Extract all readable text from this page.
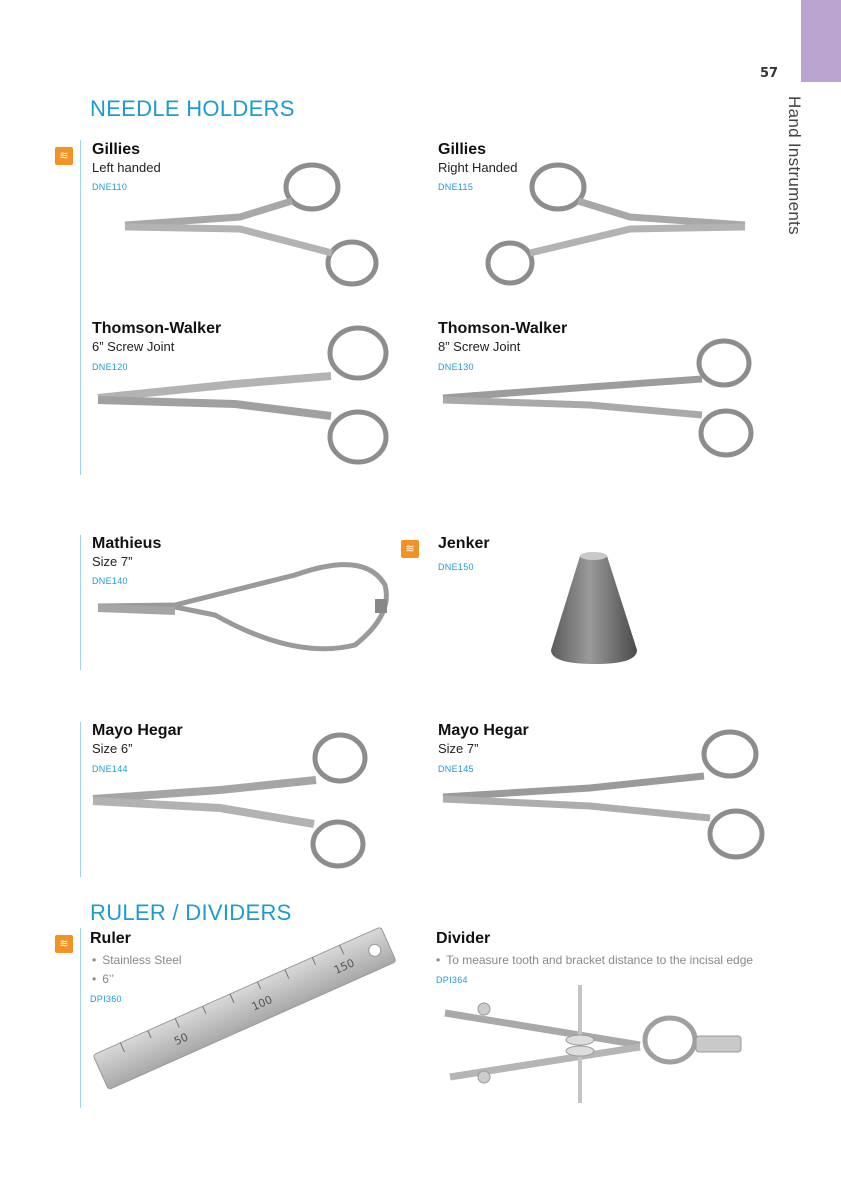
57
Hand Instruments
NEEDLE HOLDERS
RULER / DIVIDERS
≋
≋
≋
Gillies
Left handed
DNE110
Gillies
Right Handed
DNE115
Thomson-Walker
6” Screw Joint
DNE120
Thomson-Walker
8” Screw Joint
DNE130
Mathieus
Size 7”
DNE140
Jenker
DNE150
Mayo Hegar
Size 6”
DNE144
Mayo Hegar
Size 7”
DNE145
Ruler
• Stainless Steel
• 6’’
DPI360
50
100
150
Divider
• To measure tooth and bracket distance to the incisal edge
DPI364
